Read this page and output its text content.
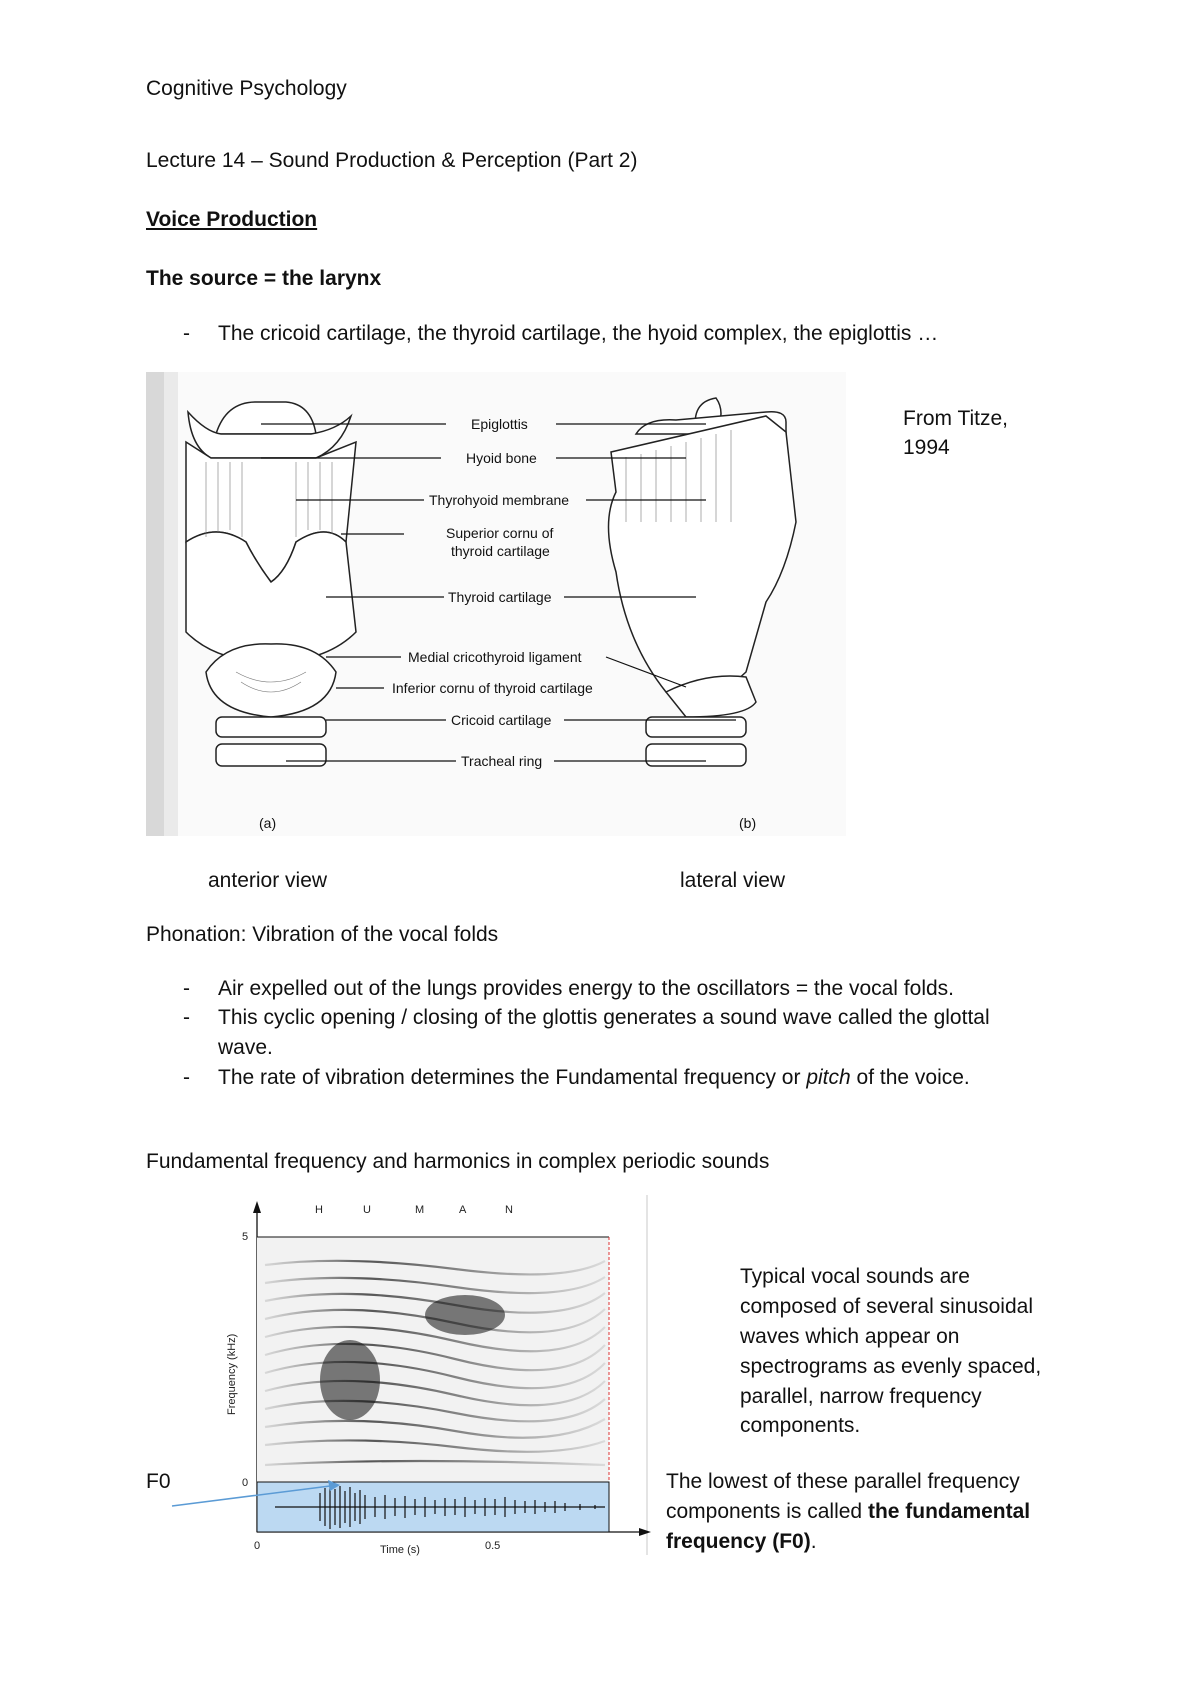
Cognitive Psychology
Lecture 14 – Sound Production & Perception (Part 2)
Voice Production
The source = the larynx
- The cricoid cartilage, the thyroid cartilage, the hyoid complex, the epiglottis …
Epiglottis
Hyoid bone
Thyrohyoid membrane
Superior cornu of
thyroid cartilage
Thyroid cartilage
Medial cricothyroid ligament
Inferior cornu of thyroid cartilage
Cricoid cartilage
Tracheal ring
(a)	(b)
From Titze,
1994
anterior view	lateral view
Phonation: Vibration of the vocal folds
- Air expelled out of the lungs provides energy to the oscillators = the vocal folds.
- This cyclic opening / closing of the glottis generates a sound wave called the glottal
wave.
- The rate of vibration determines the Fundamental frequency or pitch of the voice.
Fundamental frequency and harmonics in complex periodic sounds
H	U	M	A	N
5
0
0	0.5
Time (s)
Frequency (kHz)
F0
Typical vocal sounds are
composed of several sinusoidal
waves which appear on
spectrograms as evenly spaced,
parallel, narrow frequency
components.
The lowest of these parallel frequency
components is called the fundamental
frequency (F0).
